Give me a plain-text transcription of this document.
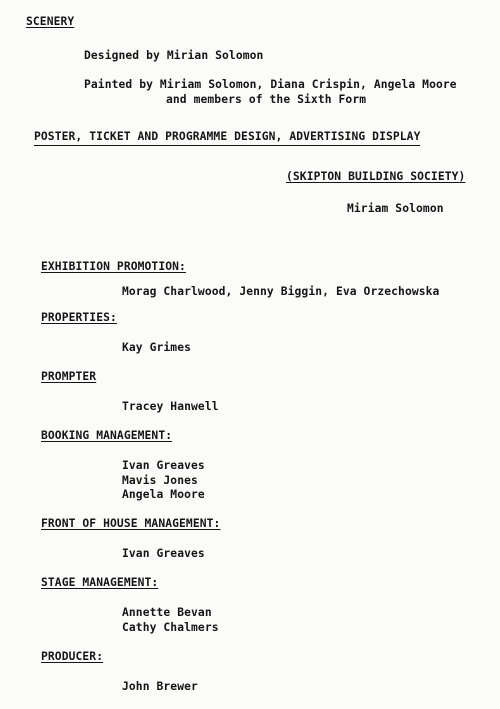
SCENERY
Designed by Mirian Solomon
Painted by Miriam Solomon, Diana Crispin, Angela Moore
and members of the Sixth Form
POSTER, TICKET AND PROGRAMME DESIGN, ADVERTISING DISPLAY
(SKIPTON BUILDING SOCIETY)
Miriam Solomon
EXHIBITION PROMOTION:
Morag Charlwood, Jenny Biggin, Eva Orzechowska
PROPERTIES:
Kay Grimes
PROMPTER
Tracey Hanwell
BOOKING MANAGEMENT:
Ivan Greaves
Mavis Jones
Angela Moore
FRONT OF HOUSE MANAGEMENT:
Ivan Greaves
STAGE MANAGEMENT:
Annette Bevan
Cathy Chalmers
PRODUCER:
John Brewer
